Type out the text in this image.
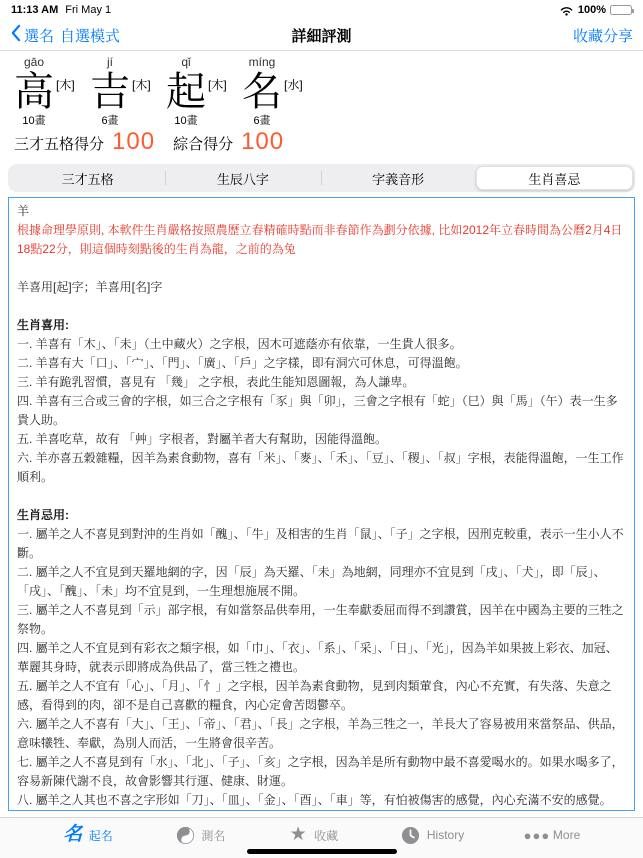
11:13 AM Fri May 1	100%
選名 自選模式	詳細評測	收藏 分享
gāo
高 [木]
10畫
jí
吉 [木]
6畫
qǐ
起 [木]
10畫
míng
名 [水]
6畫
三才五格得分 100 綜合得分 100
三才五格	生辰八字	字義音形	生肖喜忌

羊

根據命理學原則, 本軟件生肖嚴格按照農歷立春精確時點而非春節作為劃分依據, 比如2012年立春時間為公曆2月4日18點22分，則這個時刻點後的生肖為龍，之前的為兔

羊喜用[起]字；羊喜用[名]字

生肖喜用:

一. 羊喜有「木」、「未」（土中藏火）之字根，因木可遮蔭亦有依靠，一生貴人很多。

二. 羊喜有大「口」、「宀」、「門」、「廣」、「戶」之字樣，即有洞穴可休息，可得溫飽。

三. 羊有跪乳習慣，喜見有 「幾」 之字根，表此生能知恩圖報，為人謙卑。

四. 羊喜有三合或三會的字根，如三合之字根有「豕」與「卯」，三會之字根有「蛇」（巳）與「馬」（午）表一生多貴人助。

五. 羊喜吃草，故有 「艸」字根者，對屬羊者大有幫助，因能得溫飽。

六. 羊亦喜五穀雜糧，因羊為素食動物，喜有「米」、「麥」、「禾」、「豆」、「稷」、「叔」字根，表能得溫飽，一生工作順利。

生肖忌用:

一. 屬羊之人不喜見到對沖的生肖如「醜」、「牛」及相害的生肖「鼠」、「子」之字根，因刑克較重，表示一生小人不斷。

二. 屬羊之人不宜見到天羅地網的字，因「辰」為天羅、「未」為地網，同理亦不宜見到「戌」、「犬」，即「辰」、「戌」、「醜」、「未」均不宜見到，一生理想施展不開。

三. 屬羊之人不喜見到「示」部字根，有如當祭品供奉用，一生奉獻委屈而得不到讚賞，因羊在中國為主要的三牲之祭物。

四. 屬羊之人不宜見到有彩衣之類字根，如「巾」、「衣」、「系」、「采」、「日」、「光」，因為羊如果披上彩衣、加冠、華麗其身時，就表示即將成為供品了，當三牲之禮也。

五. 屬羊之人不宜有「心」、「月」、「忄」之字根，因羊為素食動物，見到肉類葷食，內心不充實，有失落、失意之感，看得到的肉，卻不是自己喜歡的糧食，內心定會苦悶鬱卒。

六. 屬羊之人不喜有「大」、「王」、「帝」、「君」、「長」之字根，羊為三牲之一，羊長大了容易被用來當祭品、供品，意味犧牲、奉獻，為別人而活，一生將會很辛苦。

七. 屬羊之人不喜見到有「水」、「北」、「子」、「亥」之字根，因為羊是所有動物中最不喜愛喝水的。如果水喝多了，容易新陳代謝不良，故會影響其行運、健康、財運。

八. 屬羊之人其也不喜之字形如「刀」、「皿」、「金」、「酉」、「車」等，有怕被傷害的感覺，內心充滿不安的感覺。

名 起名	測名	★ 收藏	History	●●● More
